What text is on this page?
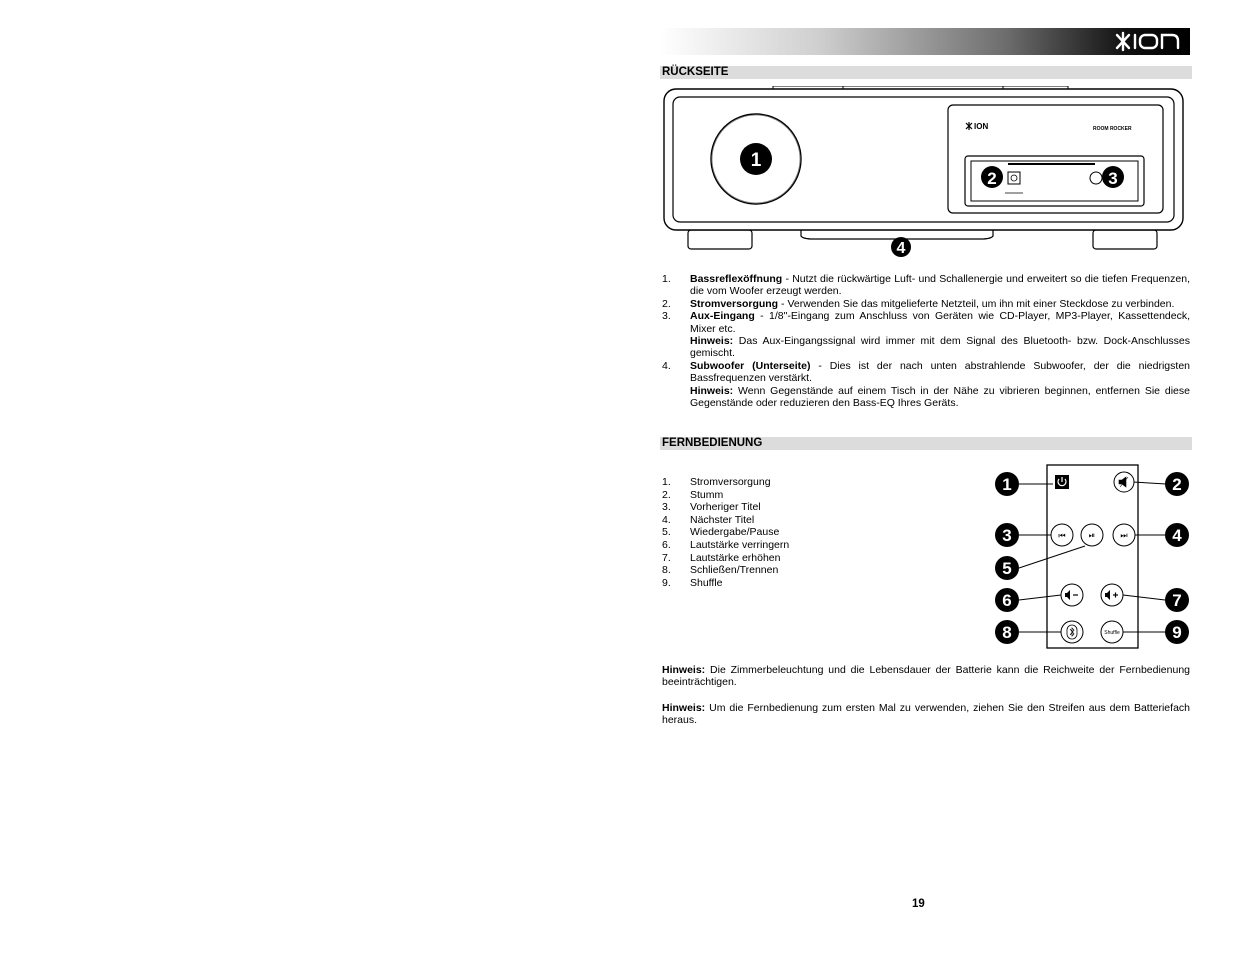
ION
RÜCKSEITE
1
ION	ROOM ROCKER
2	3
4
1.	Bassreflexöffnung - Nutzt die rückwärtige Luft- und Schallenergie und erweitert so die tiefen Frequenzen, die vom Woofer erzeugt werden.
2.	Stromversorgung - Verwenden Sie das mitgelieferte Netzteil, um ihn mit einer Steckdose zu verbinden.
3.	Aux-Eingang - 1/8"-Eingang zum Anschluss von Geräten wie CD-Player, MP3-Player, Kassettendeck, Mixer etc.
Hinweis: Das Aux-Eingangssignal wird immer mit dem Signal des Bluetooth- bzw. Dock-Anschlusses gemischt.
4.	Subwoofer (Unterseite) - Dies ist der nach unten abstrahlende Subwoofer, der die niedrigsten Bassfrequenzen verstärkt.
Hinweis: Wenn Gegenstände auf einem Tisch in der Nähe zu vibrieren beginnen, entfernen Sie diese Gegenstände oder reduzieren den Bass-EQ Ihres Geräts.
FERNBEDIENUNG
1.	Stromversorgung
2.	Stumm
3.	Vorheriger Titel
4.	Nächster Titel
5.	Wiedergabe/Pause
6.	Lautstärke verringern
7.	Lautstärke erhöhen
8.	Schließen/Trennen
9.	Shuffle
⏮	⏯	⏭
Shuffle
1	2
3	4
5
6	7
8	9
Hinweis: Die Zimmerbeleuchtung und die Lebensdauer der Batterie kann die Reichweite der Fernbedienung beeinträchtigen.
Hinweis: Um die Fernbedienung zum ersten Mal zu verwenden, ziehen Sie den Streifen aus dem Batteriefach heraus.
19
